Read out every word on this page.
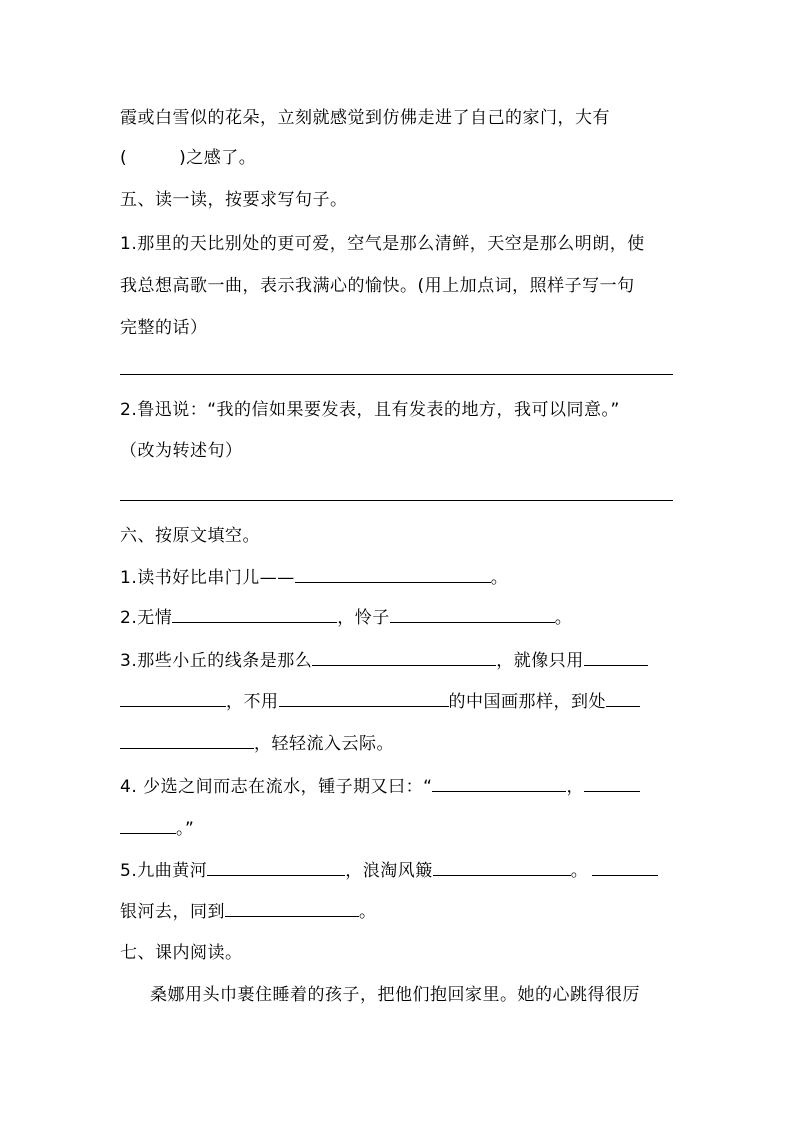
霞或白雪似的花朵，立刻就感觉到仿佛走进了自己的家门，大有
(	)之感了。
五、读一读，按要求写句子。
1.那里的天比别处的更可爱，空气是那么清鲜，天空是那么明朗，使
我总想高歌一曲，表示我满心的愉快。(用上加点词，照样子写一句
完整的话）
2.鲁迅说：“我的信如果要发表，且有发表的地方，我可以同意。”
（改为转述句）
六、按原文填空。
1.读书好比串门儿——	。
2.无情	，怜子	。
3.那些小丘的线条是那么	，就像只用
，不用	的中国画那样，到处
，轻轻流入云际。
4. 少选之间而志在流水，锺子期又曰：“	，
。”
5.九曲黄河	，浪淘风簸	。
银河去，同到	。
七、课内阅读。
桑娜用头巾裹住睡着的孩子，把他们抱回家里。她的心跳得很厉
